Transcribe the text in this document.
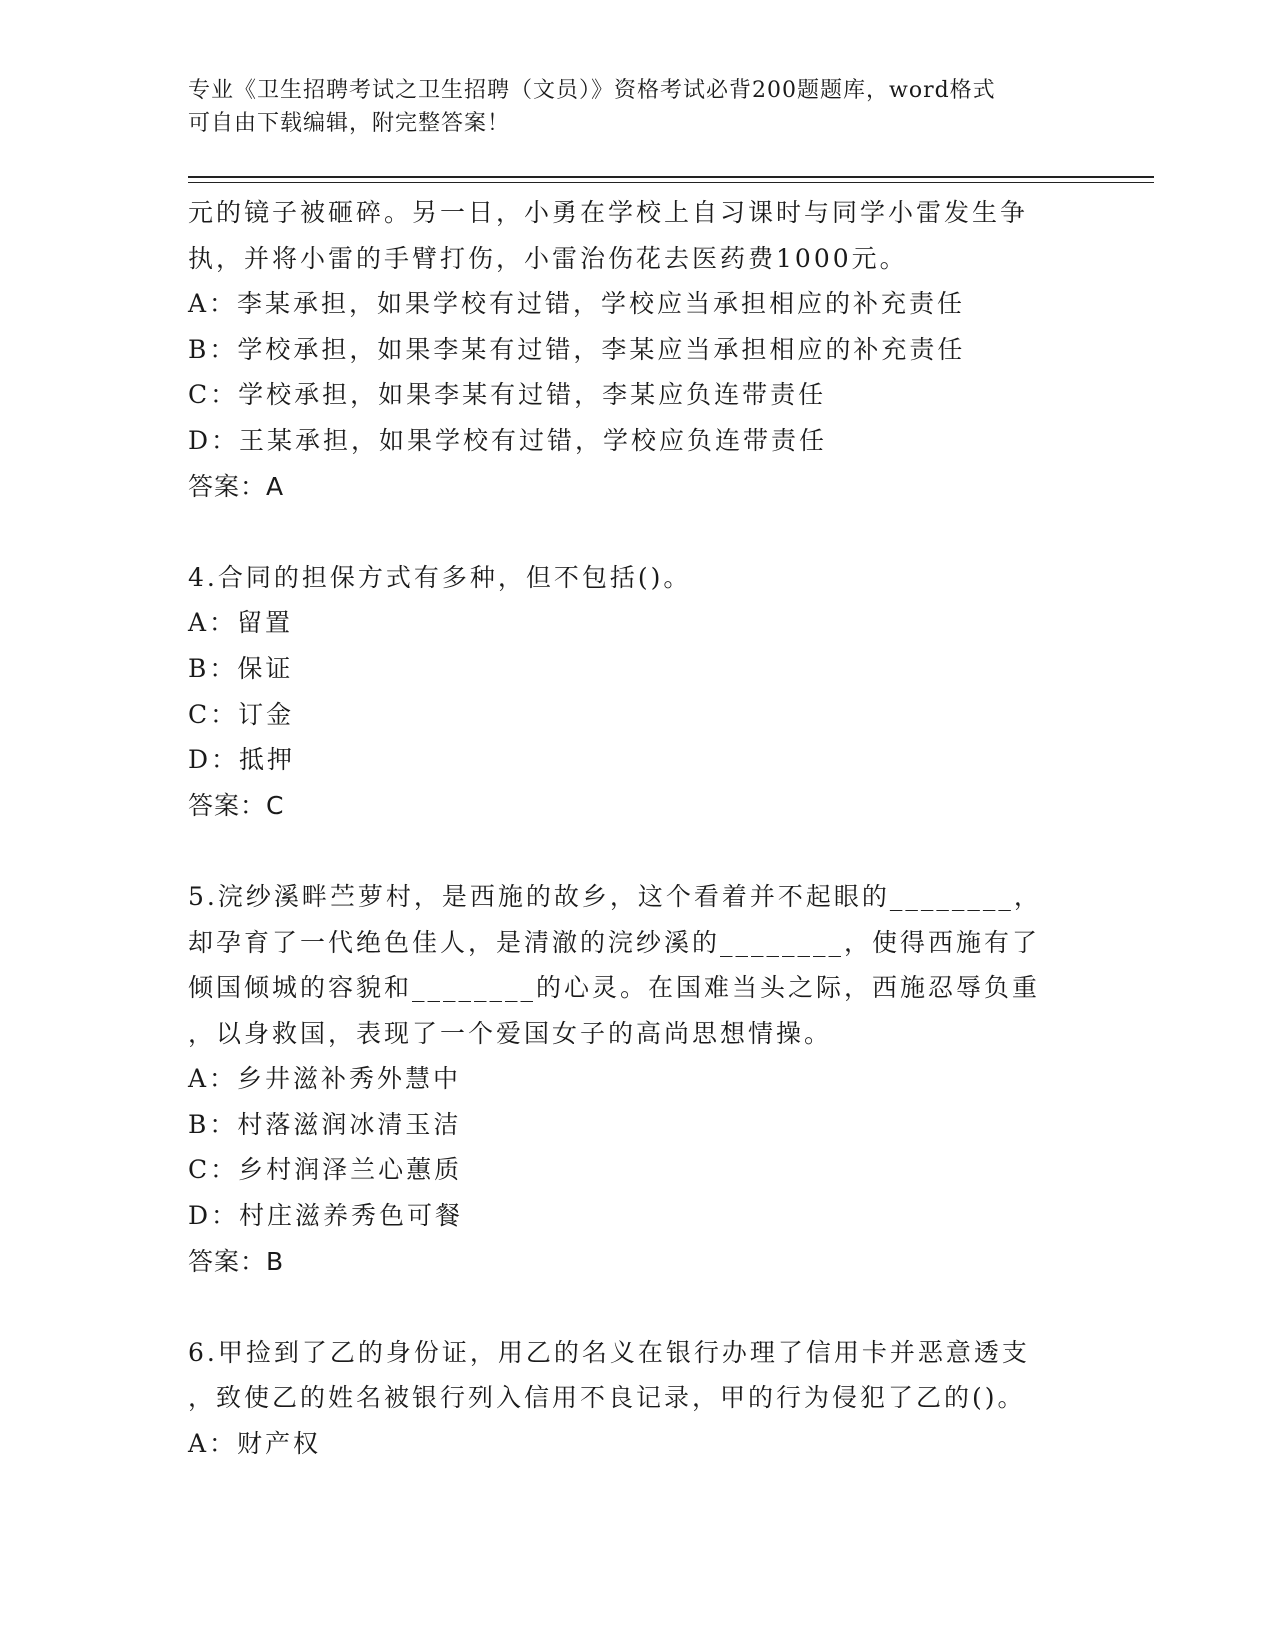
专业《卫生招聘考试之卫生招聘（文员）》资格考试必背200题题库，word格式

可自由下载编辑，附完整答案！

元的镜子被砸碎。另一日，小勇在学校上自习课时与同学小雷发生争

执，并将小雷的手臂打伤，小雷治伤花去医药费1000元。

A：李某承担，如果学校有过错，学校应当承担相应的补充责任

B：学校承担，如果李某有过错，李某应当承担相应的补充责任

C：学校承担，如果李某有过错，李某应负连带责任

D：王某承担，如果学校有过错，学校应负连带责任

答案：A

4.合同的担保方式有多种，但不包括()。

A：留置

B：保证

C：订金

D：抵押

答案：C

5.浣纱溪畔苎萝村，是西施的故乡，这个看着并不起眼的________，

却孕育了一代绝色佳人，是清澈的浣纱溪的________，使得西施有了

倾国倾城的容貌和________的心灵。在国难当头之际，西施忍辱负重

，以身救国，表现了一个爱国女子的高尚思想情操。

A：乡井滋补秀外慧中

B：村落滋润冰清玉洁

C：乡村润泽兰心蕙质

D：村庄滋养秀色可餐

答案：B

6.甲捡到了乙的身份证，用乙的名义在银行办理了信用卡并恶意透支

，致使乙的姓名被银行列入信用不良记录，甲的行为侵犯了乙的()。

A：财产权
